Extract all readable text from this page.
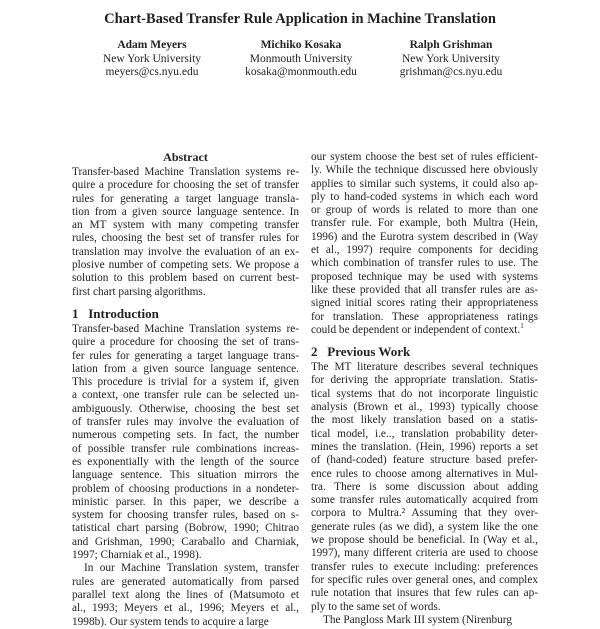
Chart-Based Transfer Rule Application in Machine Translation
Adam Meyers
New York University
meyers@cs.nyu.edu
Michiko Kosaka
Monmouth University
kosaka@monmouth.edu
Ralph Grishman
New York University
grishman@cs.nyu.edu
Abstract
Transfer-based Machine Translation systems re-
quire a procedure for choosing the set of transfer
rules for generating a target language transla-
tion from a given source language sentence. In
an MT system with many competing transfer
rules, choosing the best set of transfer rules for
translation may involve the evaluation of an ex-
plosive number of competing sets. We propose a
solution to this problem based on current best-
first chart parsing algorithms.
1   Introduction
Transfer-based Machine Translation systems re-
quire a procedure for choosing the set of trans-
fer rules for generating a target language trans-
lation from a given source language sentence.
This procedure is trivial for a system if, given
a context, one transfer rule can be selected un-
ambiguously. Otherwise, choosing the best set
of transfer rules may involve the evaluation of
numerous competing sets. In fact, the number
of possible transfer rule combinations increas-
es exponentially with the length of the source
language sentence. This situation mirrors the
problem of choosing productions in a nondeter-
ministic parser. In this paper, we describe a
system for choosing transfer rules, based on s-
tatistical chart parsing (Bobrow, 1990; Chitrao
and Grishman, 1990; Caraballo and Charniak,
1997; Charniak et al., 1998).
In our Machine Translation system, transfer
rules are generated automatically from parsed
parallel text along the lines of (Matsumoto et
al., 1993; Meyers et al., 1996; Meyers et al.,
1998b). Our system tends to acquire a large
our system choose the best set of rules efficient-
ly. While the technique discussed here obviously
applies to similar such systems, it could also ap-
ply to hand-coded systems in which each word
or group of words is related to more than one
transfer rule. For example, both Multra (Hein,
1996) and the Eurotra system described in (Way
et al., 1997) require components for deciding
which combination of transfer rules to use. The
proposed technique may be used with systems
like these provided that all transfer rules are as-
signed initial scores rating their appropriateness
for translation. These appropriateness ratings
could be dependent or independent of context.$^1$
2   Previous Work
The MT literature describes several techniques
for deriving the appropriate translation. Statis-
tical systems that do not incorporate linguistic
analysis (Brown et al., 1993) typically choose
the most likely translation based on a statis-
tical model, i.e.., translation probability deter-
mines the translation. (Hein, 1996) reports a set
of (hand-coded) feature structure based prefer-
ence rules to choose among alternatives in Mul-
tra. There is some discussion about adding
some transfer rules automatically acquired from
corpora to Multra.² Assuming that they over-
generate rules (as we did), a system like the one
we propose should be beneficial. In (Way et al.,
1997), many different criteria are used to choose
transfer rules to execute including: preferences
for specific rules over general ones, and complex
rule notation that insures that few rules can ap-
ply to the same set of words.
The Pangloss Mark III system (Nirenburg
